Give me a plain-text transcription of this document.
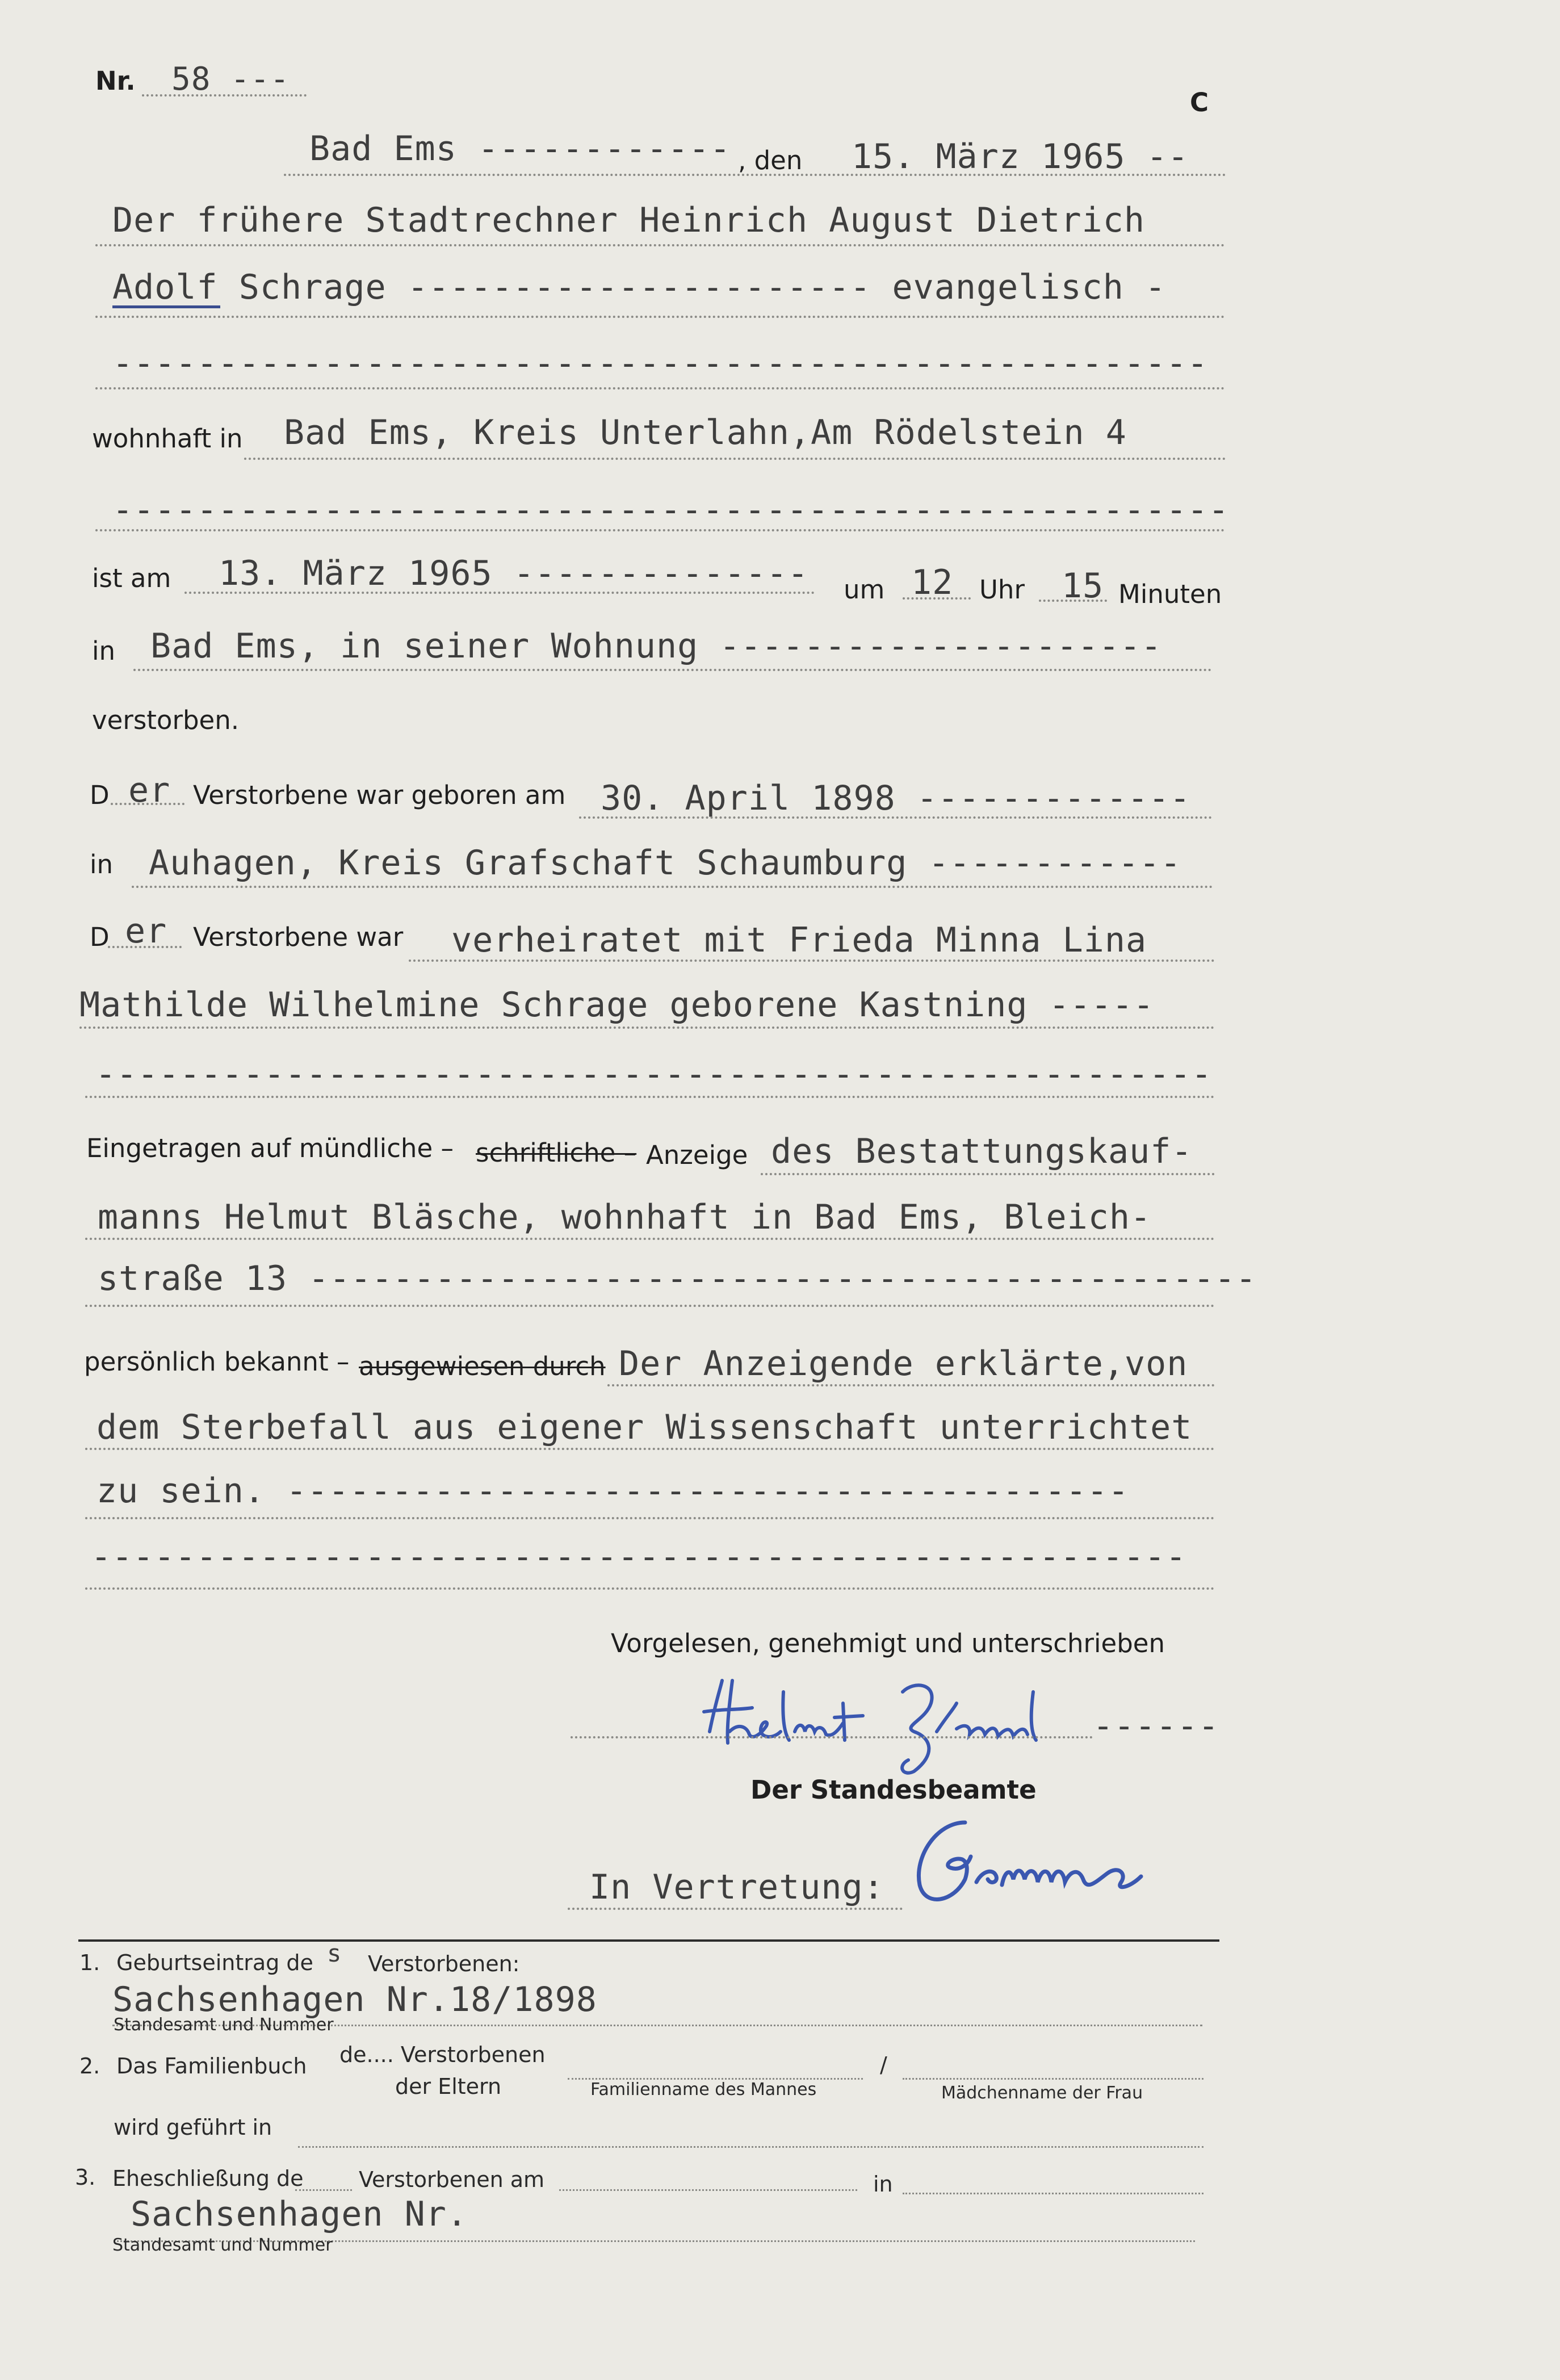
Nr. 58 ---
C
Bad Ems ------------ , den 15. März 1965 --
Der frühere Stadtrechner Heinrich August Dietrich
Adolf Schrage ---------------------- evangelisch -
----------------------------------------------------
wohnhaft in Bad Ems, Kreis Unterlahn,Am Rödelstein 4
-----------------------------------------------------
ist am 13. März 1965 -------------- um 12 Uhr 15 Minuten
in Bad Ems, in seiner Wohnung ---------------------
verstorben.
D er Verstorbene war geboren am 30. April 1898 -------------
in Auhagen, Kreis Grafschaft Schaumburg ------------
D er Verstorbene war verheiratet mit Frieda Minna Lina
Mathilde Wilhelmine Schrage geborene Kastning -----
-----------------------------------------------------
Eingetragen auf mündliche – schriftliche – Anzeige des Bestattungskauf-
manns Helmut Bläsche, wohnhaft in Bad Ems, Bleich-
straße 13 ---------------------------------------------
persönlich bekannt – ausgewiesen durch Der Anzeigende erklärte,von
dem Sterbefall aus eigener Wissenschaft unterrichtet
zu sein. ----------------------------------------
----------------------------------------------------
Vorgelesen, genehmigt und unterschrieben
------
Der Standesbeamte
In Vertretung:
1. Geburtseintrag de s Verstorbenen:
Sachsenhagen Nr.18/1898
Standesamt und Nummer
2. Das Familienbuch de.... Verstorbenen
der Eltern	Familienname des Mannes
/
Mädchenname der Frau
wird geführt in
3. Eheschließung de	Verstorbenen am	in
Sachsenhagen Nr.
Standesamt und Nummer
